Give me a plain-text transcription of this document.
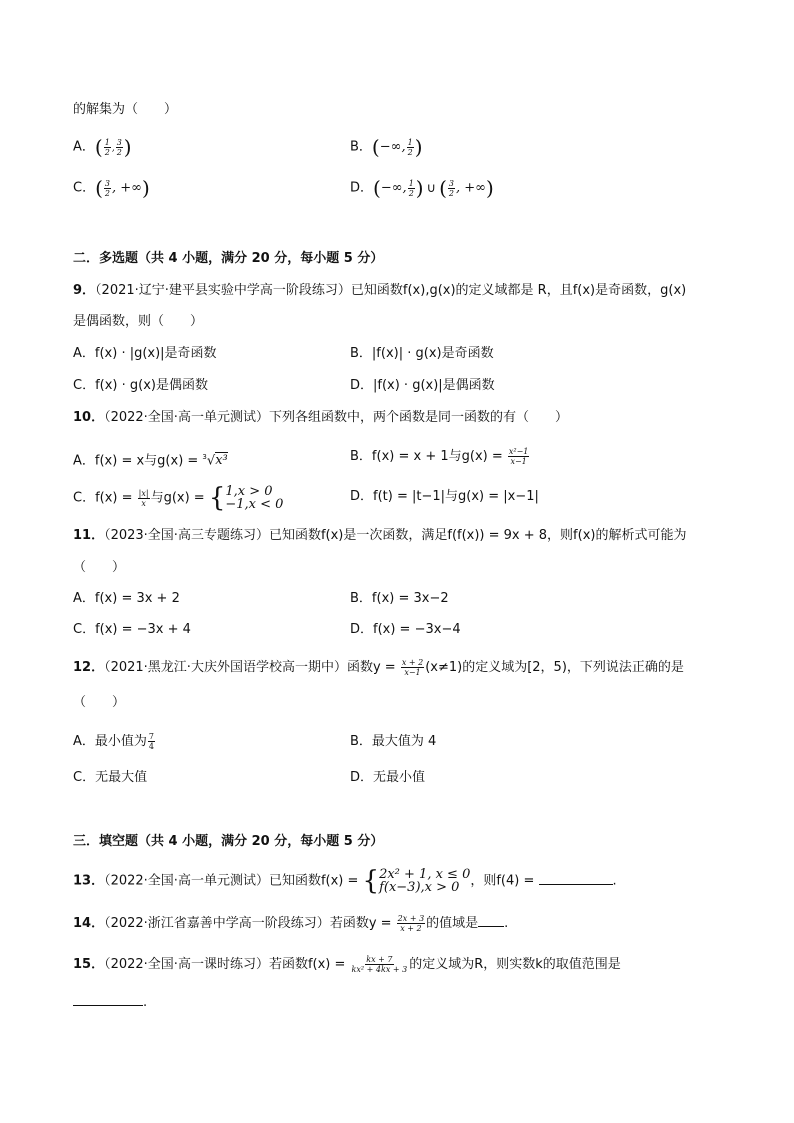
的解集为（　　）
A．( $\frac{1}{2}$ , $\frac{3}{2}$ )	B．(−∞, $\frac{1}{2}$ )
C．( $\frac{3}{2}$ , +∞)	D．(−∞, $\frac{1}{2}$ ) ∪ ( $\frac{3}{2}$ , +∞)
二．多选题（共 4 小题，满分 20 分，每小题 5 分）
9．（2021·辽宁·建平县实验中学高一阶段练习）已知函数f(x),g(x)的定义域都是 R，且f(x)是奇函数，g(x)
是偶函数，则（　　）
A．f(x) · |g(x)|是奇函数	B．|f(x)| · g(x)是奇函数
C．f(x) · g(x)是偶函数	D．|f(x) · g(x)|是偶函数
10．（2022·全国·高一单元测试）下列各组函数中，两个函数是同一函数的有（　　）
A．f(x) = x与g(x) = $^3$√x³	B．f(x) = x + 1与$g(x) = \frac{\text{x²−1}}{x-1}$
C．$f(x) = \frac{|x|}{x}$ 与g(x) = { 1,x > 0
−1,x < 0
D．f(t) = |t−1|与g(x) = |x−1|
11．（2023·全国·高三专题练习）已知函数f(x)是一次函数，满足f(f(x)) = 9x + 8，则f(x)的解析式可能为
（　　）
A．f(x) = 3x + 2	B．f(x) = 3x−2
C．f(x) = −3x + 4	D．f(x) = −3x−4
12．（2021·黑龙江·大庆外国语学校高一期中）函数$y = \frac{x + 2}{x-1} (x\ne 1)$的定义域为[2，5)，下列说法正确的是
（　　）
A．最小值为 $\frac{7}{4}$	B．最大值为 4
C．无最大值	D．无最小值
三．填空题（共 4 小题，满分 20 分，每小题 5 分）
13．（2022·全国·高一单元测试）已知函数f(x) = { 2x² + 1, x ≤ 0
f(x−3),x > 0 ，则f(4) =	.
14．（2022·浙江省嘉善中学高一阶段练习）若函数$y = \frac{2x + 3}{x + 2}$ 的值域是 .
15．（2022·全国·高一课时练习）若函数$f(x) = \frac{kx + 7}{\text{kx² + 4kx + 3}}$ 的定义域为R，则实数k的取值范围是
.
